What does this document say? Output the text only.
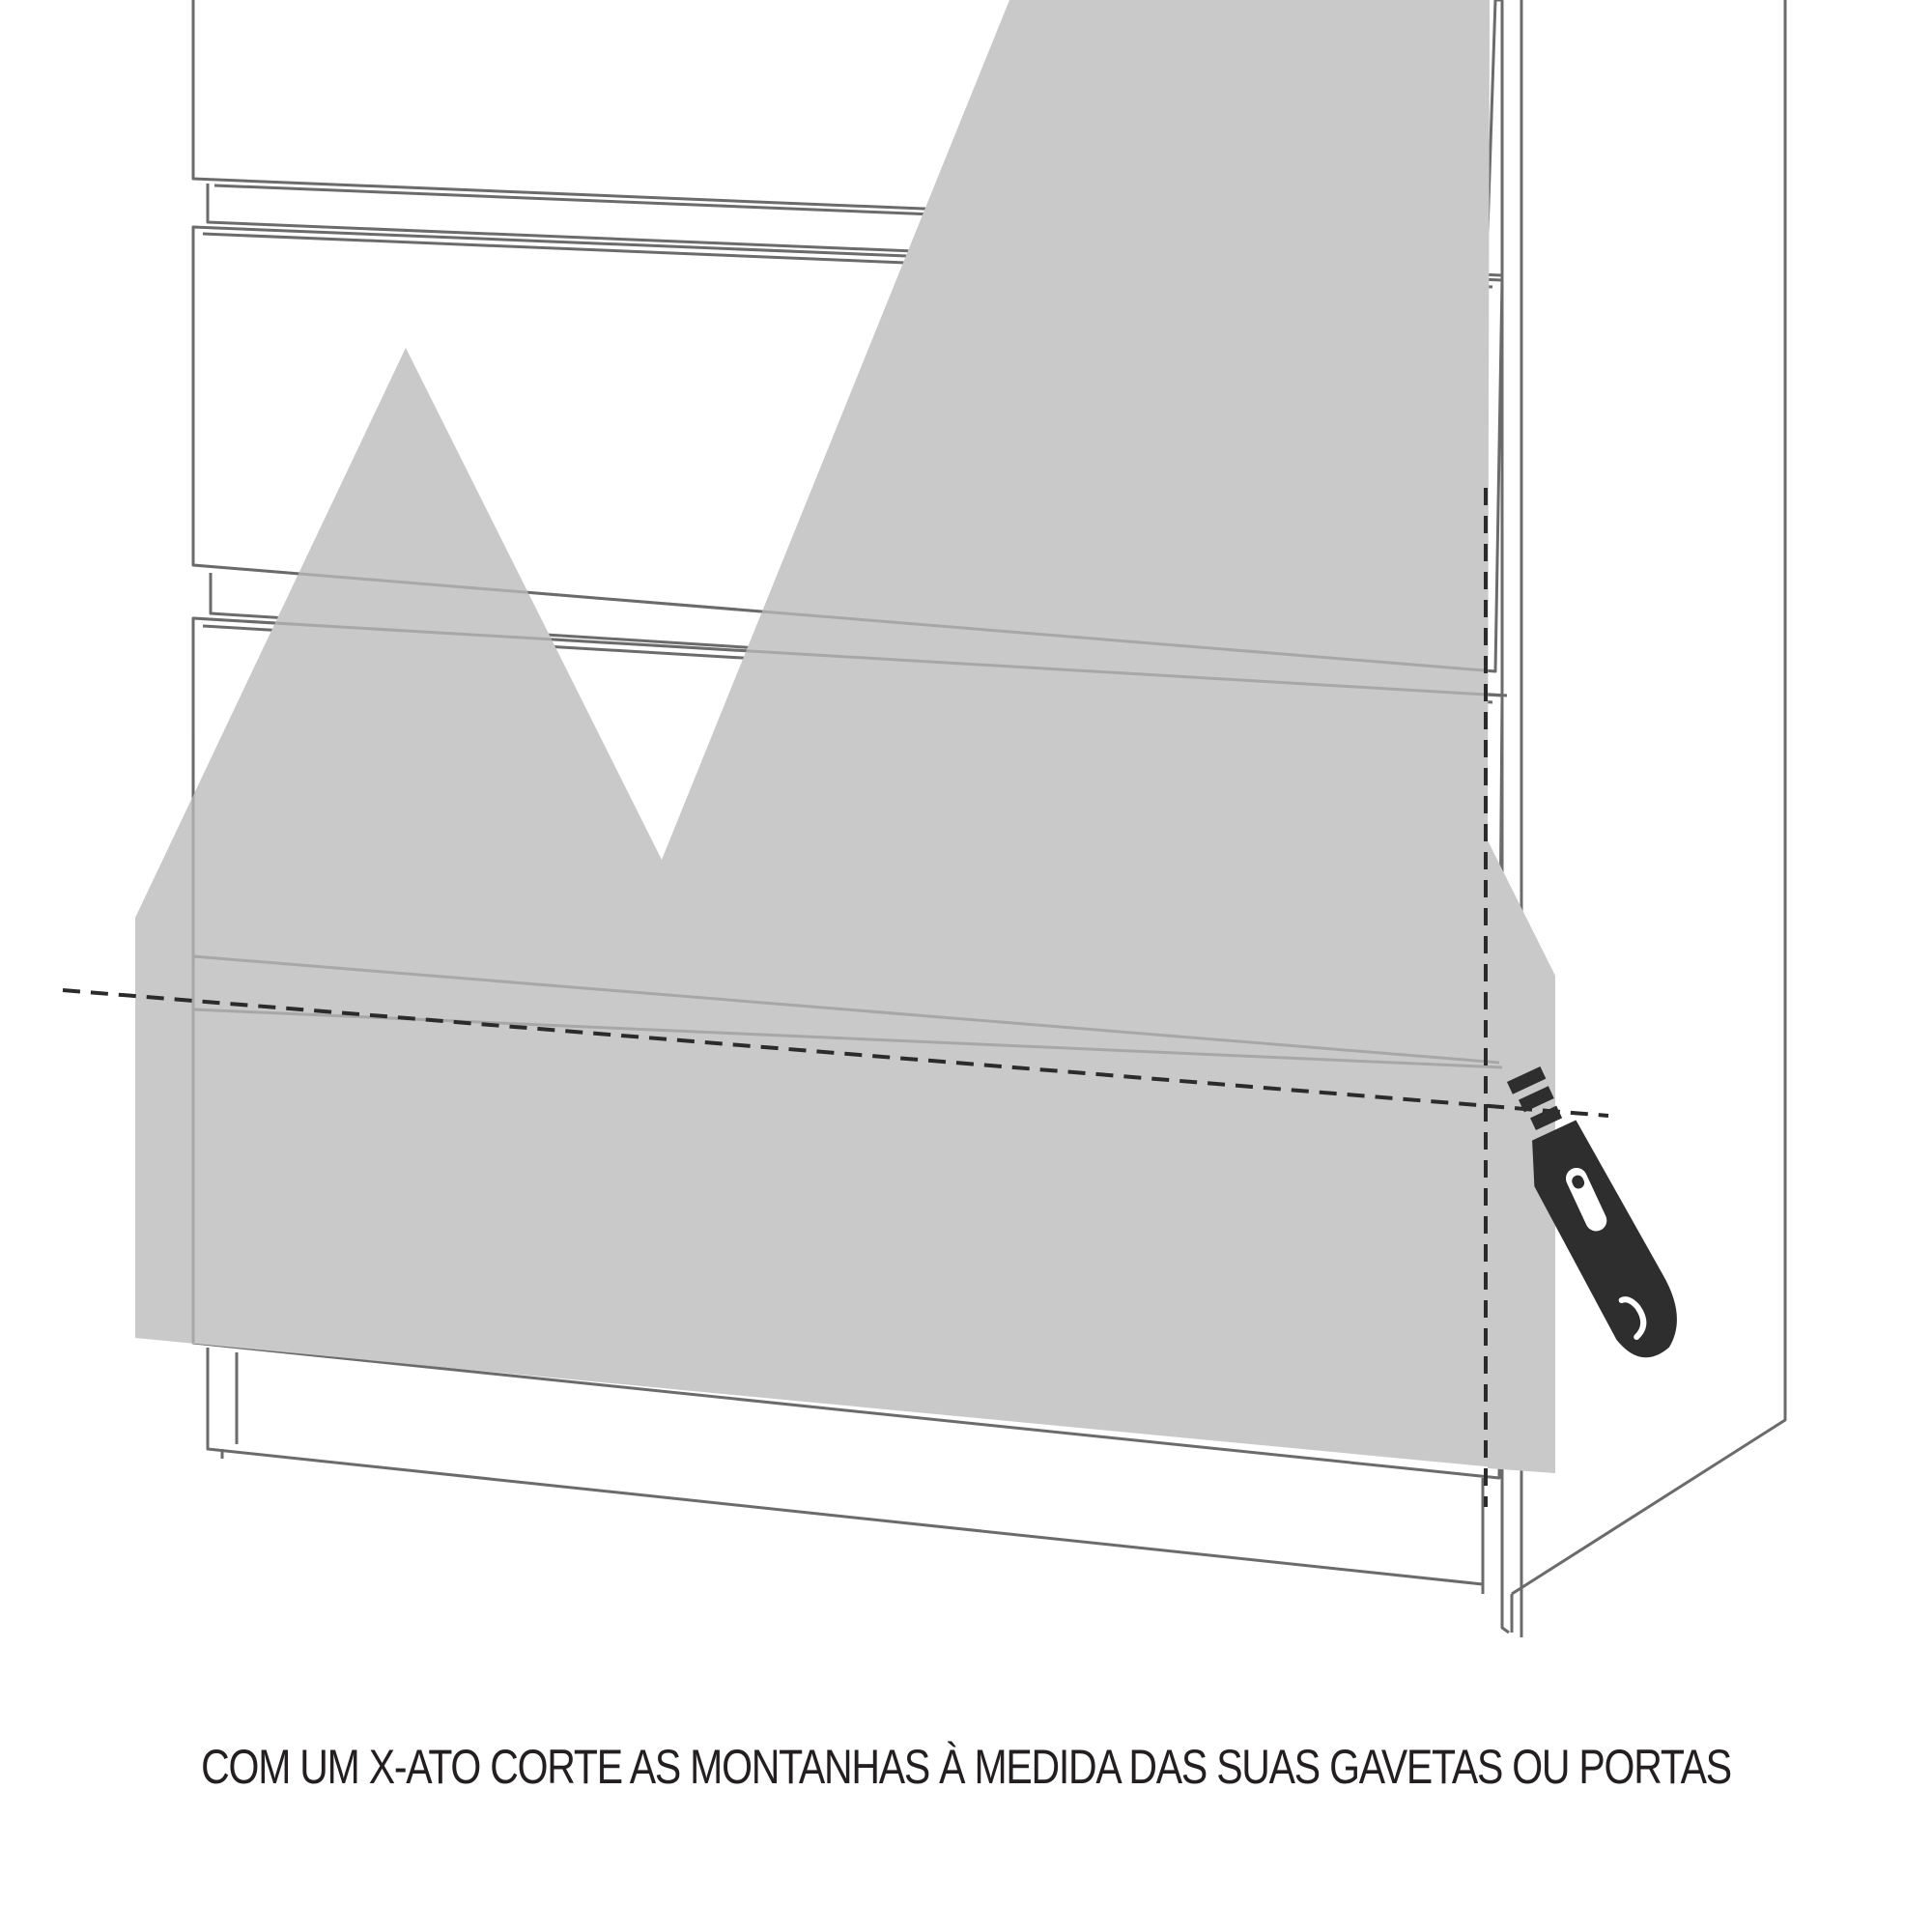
COM UM X-ATO CORTE AS MONTANHAS À MEDIDA DAS SUAS GAVETAS OU PORTAS
